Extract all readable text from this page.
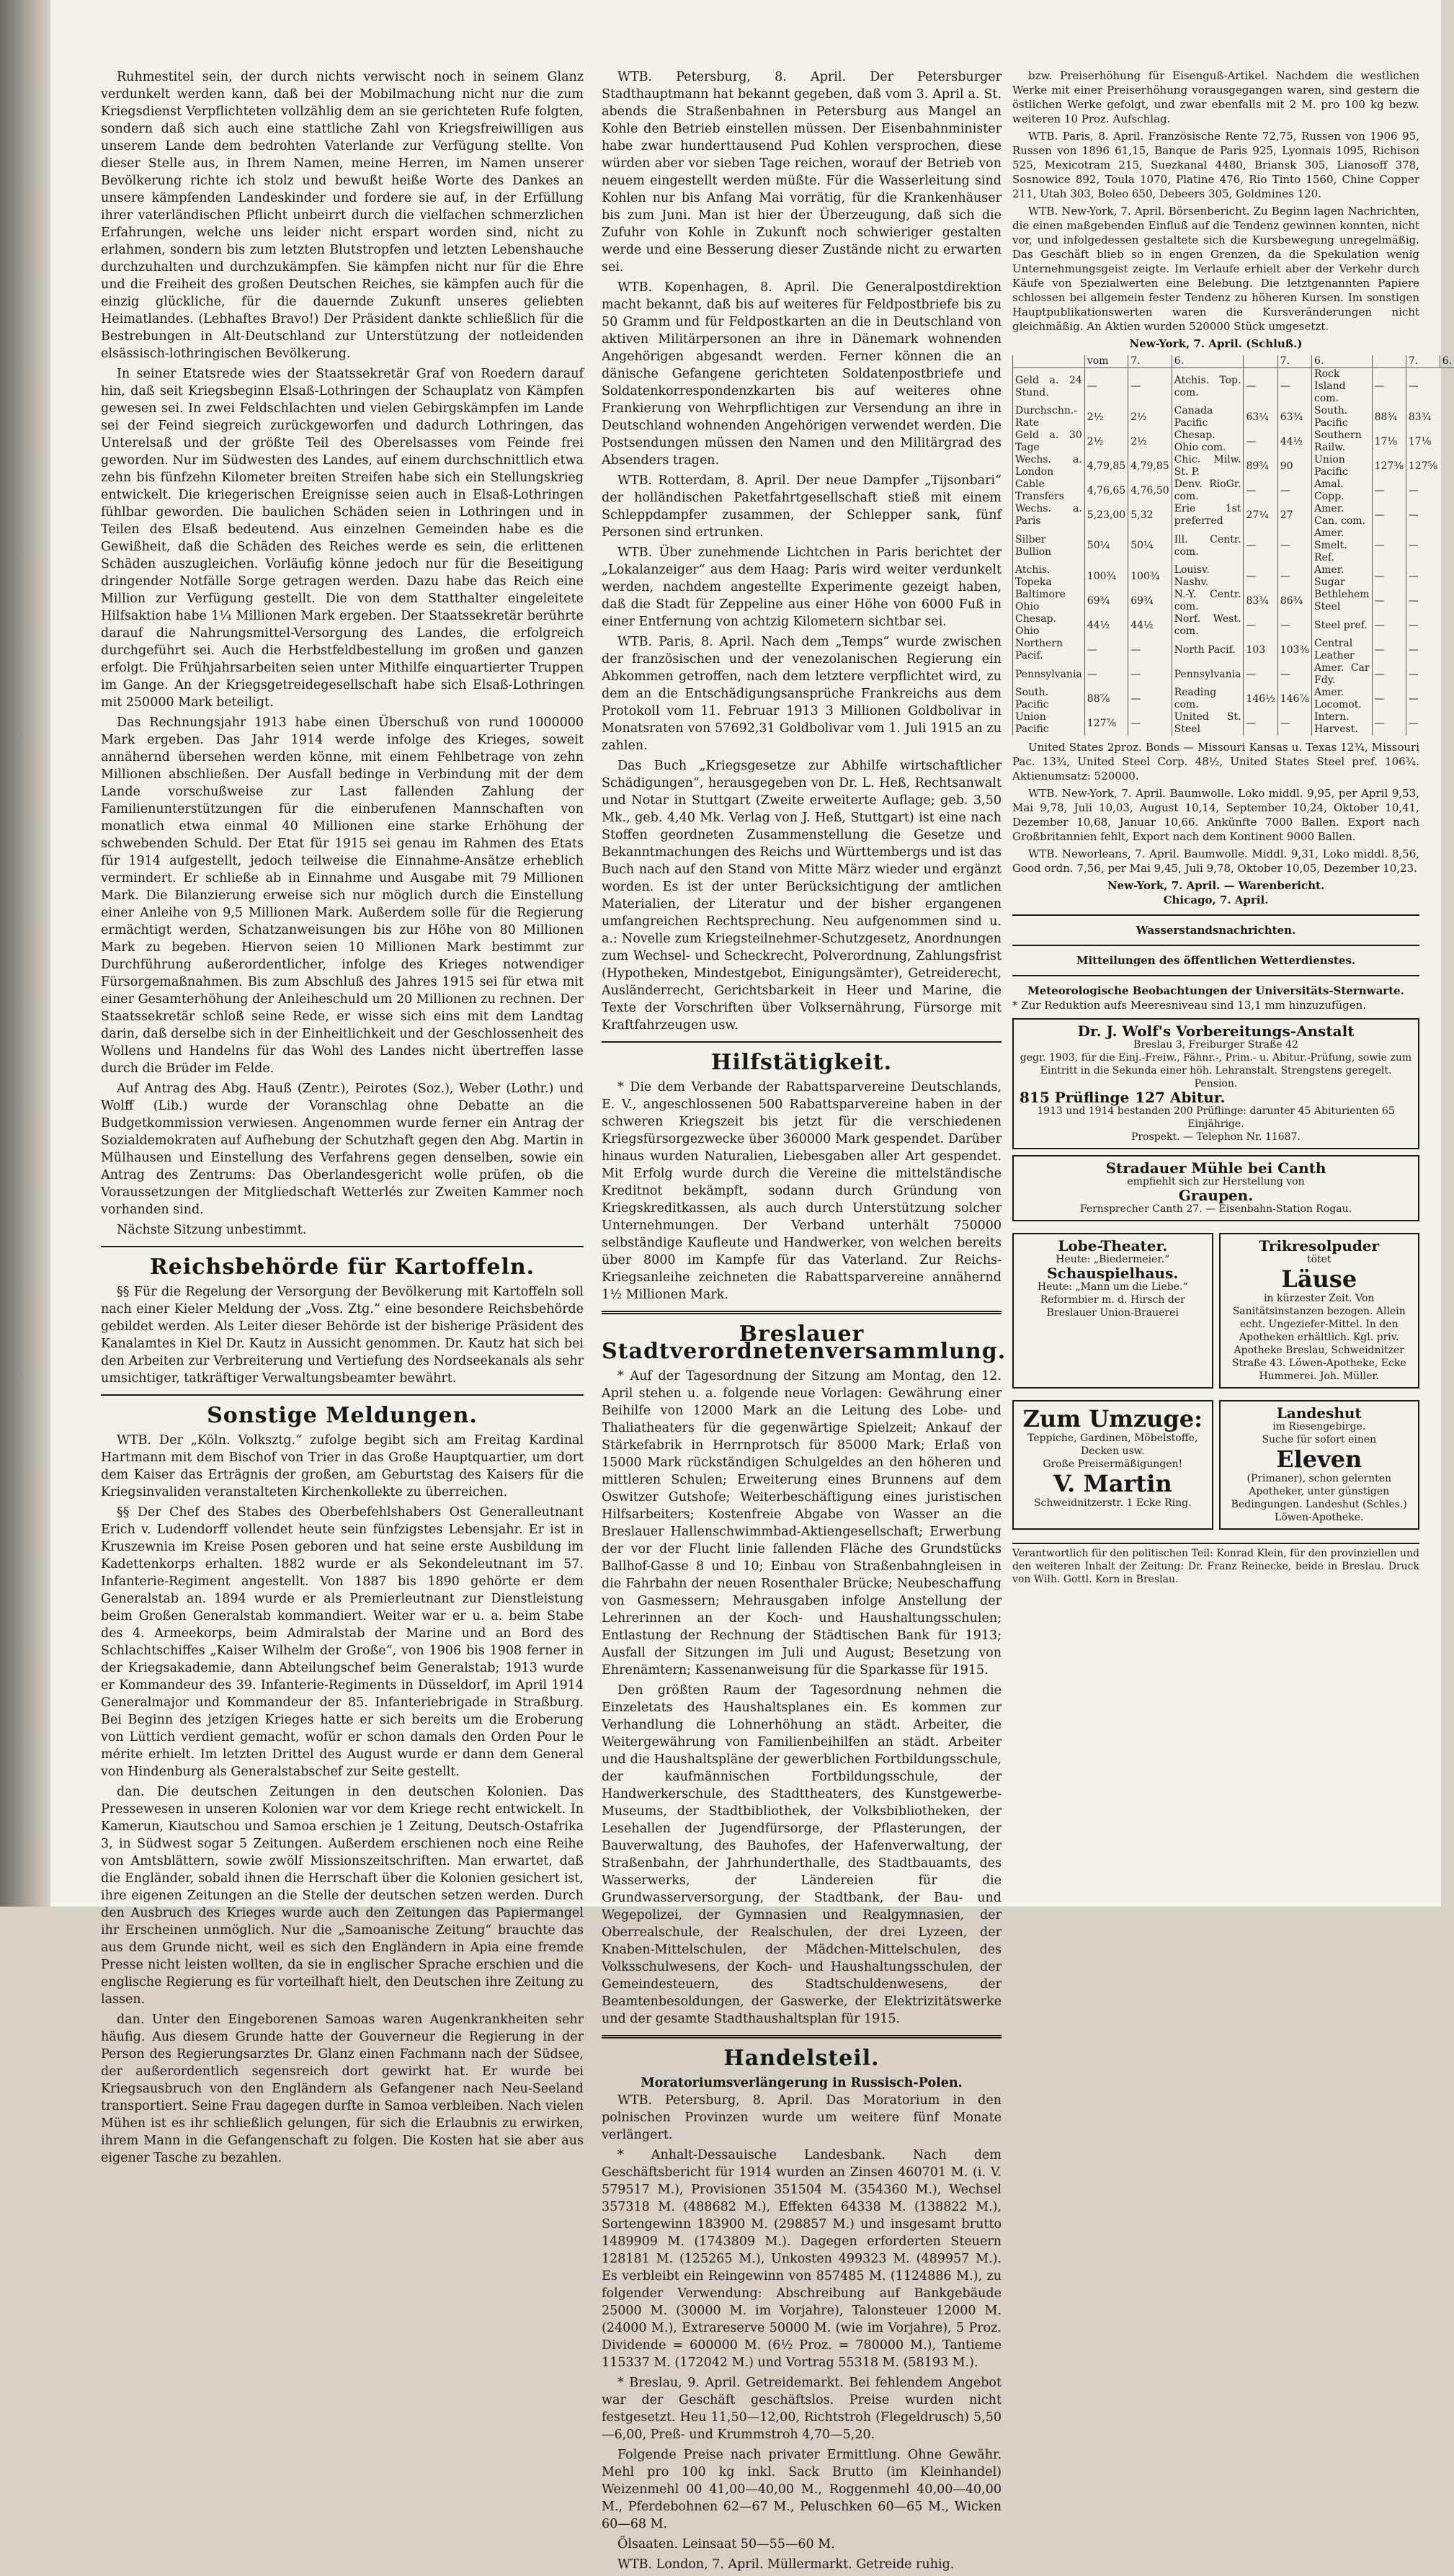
Ruhmestitel sein, der durch nichts verwischt noch in seinem Glanz verdunkelt werden kann, daß bei der Mobilmachung nicht nur die zum Kriegsdienst Verpflichteten vollzählig dem an sie gerichteten Rufe folgten, sondern daß sich auch eine stattliche Zahl von Kriegsfreiwilligen aus unserem Lande dem bedrohten Vaterlande zur Verfügung stellte. Von dieser Stelle aus, in Ihrem Namen, meine Herren, im Namen unserer Bevölkerung richte ich stolz und bewußt heiße Worte des Dankes an unsere kämpfenden Landeskinder und fordere sie auf, in der Erfüllung ihrer vaterländischen Pflicht unbeirrt durch die vielfachen schmerzlichen Erfahrungen, welche uns leider nicht erspart worden sind, nicht zu erlahmen, sondern bis zum letzten Blutstropfen und letzten Lebenshauche durchzuhalten und durchzukämpfen. Sie kämpfen nicht nur für die Ehre und die Freiheit des großen Deutschen Reiches, sie kämpfen auch für die einzig glückliche, für die dauernde Zukunft unseres geliebten Heimatlandes. (Lebhaftes Bravo!) Der Präsident dankte schließlich für die Bestrebungen in Alt-Deutschland zur Unterstützung der notleidenden elsässisch-lothringischen Bevölkerung.

In seiner Etatsrede wies der Staatssekretär Graf von Roedern darauf hin, daß seit Kriegsbeginn Elsaß-Lothringen der Schauplatz von Kämpfen gewesen sei. In zwei Feldschlachten und vielen Gebirgskämpfen im Lande sei der Feind siegreich zurückgeworfen und dadurch Lothringen, das Unterelsaß und der größte Teil des Oberelsasses vom Feinde frei geworden. Nur im Südwesten des Landes, auf einem durchschnittlich etwa zehn bis fünfzehn Kilometer breiten Streifen habe sich ein Stellungskrieg entwickelt. Die kriegerischen Ereignisse seien auch in Elsaß-Lothringen fühlbar geworden. Die baulichen Schäden seien in Lothringen und in Teilen des Elsaß bedeutend. Aus einzelnen Gemeinden habe es die Gewißheit, daß die Schäden des Reiches werde es sein, die erlittenen Schäden auszugleichen. Vorläufig könne jedoch nur für die Beseitigung dringender Notfälle Sorge getragen werden. Dazu habe das Reich eine Million zur Verfügung gestellt. Die von dem Statthalter eingeleitete Hilfsaktion habe 1¼ Millionen Mark ergeben. Der Staatssekretär berührte darauf die Nahrungsmittel-Versorgung des Landes, die erfolgreich durchgeführt sei. Auch die Herbstfeldbestellung im großen und ganzen erfolgt. Die Frühjahrsarbeiten seien unter Mithilfe einquartierter Truppen im Gange. An der Kriegsgetreidegesellschaft habe sich Elsaß-Lothringen mit 250000 Mark beteiligt.

Das Rechnungsjahr 1913 habe einen Überschuß von rund 1000000 Mark ergeben. Das Jahr 1914 werde infolge des Krieges, soweit annähernd übersehen werden könne, mit einem Fehlbetrage von zehn Millionen abschließen. Der Ausfall bedinge in Verbindung mit der dem Lande vorschußweise zur Last fallenden Zahlung der Familienunterstützungen für die einberufenen Mannschaften von monatlich etwa einmal 40 Millionen eine starke Erhöhung der schwebenden Schuld. Der Etat für 1915 sei genau im Rahmen des Etats für 1914 aufgestellt, jedoch teilweise die Einnahme-Ansätze erheblich vermindert. Er schließe ab in Einnahme und Ausgabe mit 79 Millionen Mark. Die Bilanzierung erweise sich nur möglich durch die Einstellung einer Anleihe von 9,5 Millionen Mark. Außerdem solle für die Regierung ermächtigt werden, Schatzanweisungen bis zur Höhe von 80 Millionen Mark zu begeben. Hiervon seien 10 Millionen Mark bestimmt zur Durchführung außerordentlicher, infolge des Krieges notwendiger Fürsorgemaßnahmen. Bis zum Abschluß des Jahres 1915 sei für etwa mit einer Gesamterhöhung der Anleiheschuld um 20 Millionen zu rechnen. Der Staatssekretär schloß seine Rede, er wisse sich eins mit dem Landtag darin, daß derselbe sich in der Einheitlichkeit und der Geschlossenheit des Wollens und Handelns für das Wohl des Landes nicht übertreffen lasse durch die Brüder im Felde.

Auf Antrag des Abg. Hauß (Zentr.), Peirotes (Soz.), Weber (Lothr.) und Wolff (Lib.) wurde der Voranschlag ohne Debatte an die Budgetkommission verwiesen. Angenommen wurde ferner ein Antrag der Sozialdemokraten auf Aufhebung der Schutzhaft gegen den Abg. Martin in Mülhausen und Einstellung des Verfahrens gegen denselben, sowie ein Antrag des Zentrums: Das Oberlandesgericht wolle prüfen, ob die Voraussetzungen der Mitgliedschaft Wetterlés zur Zweiten Kammer noch vorhanden sind.

Nächste Sitzung unbestimmt.

Reichsbehörde für Kartoffeln.

§§ Für die Regelung der Versorgung der Bevölkerung mit Kartoffeln soll nach einer Kieler Meldung der „Voss. Ztg.“ eine besondere Reichsbehörde gebildet werden. Als Leiter dieser Behörde ist der bisherige Präsident des Kanalamtes in Kiel Dr. Kautz in Aussicht genommen. Dr. Kautz hat sich bei den Arbeiten zur Verbreiterung und Vertiefung des Nordseekanals als sehr umsichtiger, tatkräftiger Verwaltungsbeamter bewährt.

Sonstige Meldungen.

WTB. Der „Köln. Volksztg.“ zufolge begibt sich am Freitag Kardinal Hartmann mit dem Bischof von Trier in das Große Hauptquartier, um dort dem Kaiser das Erträgnis der großen, am Geburtstag des Kaisers für die Kriegsinvaliden veranstalteten Kirchenkollekte zu überreichen.

§§ Der Chef des Stabes des Oberbefehlshabers Ost Generalleutnant Erich v. Ludendorff vollendet heute sein fünfzigstes Lebensjahr. Er ist in Kruszewnia im Kreise Posen geboren und hat seine erste Ausbildung im Kadettenkorps erhalten. 1882 wurde er als Sekondeleutnant im 57. Infanterie-Regiment angestellt. Von 1887 bis 1890 gehörte er dem Generalstab an. 1894 wurde er als Premierleutnant zur Dienstleistung beim Großen Generalstab kommandiert. Weiter war er u. a. beim Stabe des 4. Armeekorps, beim Admiralstab der Marine und an Bord des Schlachtschiffes „Kaiser Wilhelm der Große“, von 1906 bis 1908 ferner in der Kriegsakademie, dann Abteilungschef beim Generalstab; 1913 wurde er Kommandeur des 39. Infanterie-Regiments in Düsseldorf, im April 1914 Generalmajor und Kommandeur der 85. Infanteriebrigade in Straßburg. Bei Beginn des jetzigen Krieges hatte er sich bereits um die Eroberung von Lüttich verdient gemacht, wofür er schon damals den Orden Pour le mérite erhielt. Im letzten Drittel des August wurde er dann dem General von Hindenburg als Generalstabschef zur Seite gestellt.

dan. Die deutschen Zeitungen in den deutschen Kolonien. Das Pressewesen in unseren Kolonien war vor dem Kriege recht entwickelt. In Kamerun, Kiautschou und Samoa erschien je 1 Zeitung, Deutsch-Ostafrika 3, in Südwest sogar 5 Zeitungen. Außerdem erschienen noch eine Reihe von Amtsblättern, sowie zwölf Missionszeitschriften. Man erwartet, daß die Engländer, sobald ihnen die Herrschaft über die Kolonien gesichert ist, ihre eigenen Zeitungen an die Stelle der deutschen setzen werden. Durch den Ausbruch des Krieges wurde auch den Zeitungen das Papiermangel ihr Erscheinen unmöglich. Nur die „Samoanische Zeitung“ brauchte das aus dem Grunde nicht, weil es sich den Engländern in Apia eine fremde Presse nicht leisten wollten, da sie in englischer Sprache erschien und die englische Regierung es für vorteilhaft hielt, den Deutschen ihre Zeitung zu lassen.

dan. Unter den Eingeborenen Samoas waren Augenkrankheiten sehr häufig. Aus diesem Grunde hatte der Gouverneur die Regierung in der Person des Regierungsarztes Dr. Glanz einen Fachmann nach der Südsee, der außerordentlich segensreich dort gewirkt hat. Er wurde bei Kriegsausbruch von den Engländern als Gefangener nach Neu-Seeland transportiert. Seine Frau dagegen durfte in Samoa verbleiben. Nach vielen Mühen ist es ihr schließlich gelungen, für sich die Erlaubnis zu erwirken, ihrem Mann in die Gefangenschaft zu folgen. Die Kosten hat sie aber aus eigener Tasche zu bezahlen.

WTB. Petersburg, 8. April. Der Petersburger Stadthauptmann hat bekannt gegeben, daß vom 3. April a. St. abends die Straßenbahnen in Petersburg aus Mangel an Kohle den Betrieb einstellen müssen. Der Eisenbahnminister habe zwar hunderttausend Pud Kohlen versprochen, diese würden aber vor sieben Tage reichen, worauf der Betrieb von neuem eingestellt werden müßte. Für die Wasserleitung sind Kohlen nur bis Anfang Mai vorrätig, für die Krankenhäuser bis zum Juni. Man ist hier der Überzeugung, daß sich die Zufuhr von Kohle in Zukunft noch schwieriger gestalten werde und eine Besserung dieser Zustände nicht zu erwarten sei.

WTB. Kopenhagen, 8. April. Die Generalpostdirektion macht bekannt, daß bis auf weiteres für Feldpostbriefe bis zu 50 Gramm und für Feldpostkarten an die in Deutschland von aktiven Militärpersonen an ihre in Dänemark wohnenden Angehörigen abgesandt werden. Ferner können die an dänische Gefangene gerichteten Soldatenpostbriefe und Soldatenkorrespondenzkarten bis auf weiteres ohne Frankierung von Wehrpflichtigen zur Versendung an ihre in Deutschland wohnenden Angehörigen verwendet werden. Die Postsendungen müssen den Namen und den Militärgrad des Absenders tragen.

WTB. Rotterdam, 8. April. Der neue Dampfer „Tijsonbari“ der holländischen Paketfahrtgesellschaft stieß mit einem Schleppdampfer zusammen, der Schlepper sank, fünf Personen sind ertrunken.

WTB. Über zunehmende Lichtchen in Paris berichtet der „Lokalanzeiger“ aus dem Haag: Paris wird weiter verdunkelt werden, nachdem angestellte Experimente gezeigt haben, daß die Stadt für Zeppeline aus einer Höhe von 6000 Fuß in einer Entfernung von achtzig Kilometern sichtbar sei.

WTB. Paris, 8. April. Nach dem „Temps“ wurde zwischen der französischen und der venezolanischen Regierung ein Abkommen getroffen, nach dem letztere verpflichtet wird, zu dem an die Entschädigungsansprüche Frankreichs aus dem Protokoll vom 11. Februar 1913 3 Millionen Goldbolivar in Monatsraten von 57692,31 Goldbolivar vom 1. Juli 1915 an zu zahlen.

Das Buch „Kriegsgesetze zur Abhilfe wirtschaftlicher Schädigungen“, herausgegeben von Dr. L. Heß, Rechtsanwalt und Notar in Stuttgart (Zweite erweiterte Auflage; geb. 3,50 Mk., geb. 4,40 Mk. Verlag von J. Heß, Stuttgart) ist eine nach Stoffen geordneten Zusammenstellung die Gesetze und Bekanntmachungen des Reichs und Württembergs und ist das Buch nach auf den Stand von Mitte März wieder und ergänzt worden. Es ist der unter Berücksichtigung der amtlichen Materialien, der Literatur und der bisher ergangenen umfangreichen Rechtsprechung. Neu aufgenommen sind u. a.: Novelle zum Kriegsteilnehmer-Schutzgesetz, Anordnungen zum Wechsel- und Scheckrecht, Polverordnung, Zahlungsfrist (Hypotheken, Mindestgebot, Einigungsämter), Getreiderecht, Ausländerrecht, Gerichtsbarkeit in Heer und Marine, die Texte der Vorschriften über Volksernährung, Fürsorge mit Kraftfahrzeugen usw.

Hilfstätigkeit.

* Die dem Verbande der Rabattsparvereine Deutschlands, E. V., angeschlossenen 500 Rabattsparvereine haben in der schweren Kriegszeit bis jetzt für die verschiedenen Kriegsfürsorgezwecke über 360000 Mark gespendet. Darüber hinaus wurden Naturalien, Liebesgaben aller Art gespendet. Mit Erfolg wurde durch die Vereine die mittelständische Kreditnot bekämpft, sodann durch Gründung von Kriegskreditkassen, als auch durch Unterstützung solcher Unternehmungen. Der Verband unterhält 750000 selbständige Kaufleute und Handwerker, von welchen bereits über 8000 im Kampfe für das Vaterland. Zur Reichs-Kriegsanleihe zeichneten die Rabattsparvereine annähernd 1½ Millionen Mark.

Breslauer Stadtverordnetenversammlung.

* Auf der Tagesordnung der Sitzung am Montag, den 12. April stehen u. a. folgende neue Vorlagen: Gewährung einer Beihilfe von 12000 Mark an die Leitung des Lobe- und Thaliatheaters für die gegenwärtige Spielzeit; Ankauf der Stärkefabrik in Herrnprotsch für 85000 Mark; Erlaß von 15000 Mark rückständigen Schulgeldes an den höheren und mittleren Schulen; Erweiterung eines Brunnens auf dem Oswitzer Gutshofe; Weiterbeschäftigung eines juristischen Hilfsarbeiters; Kostenfreie Abgabe von Wasser an die Breslauer Hallenschwimmbad-Aktiengesellschaft; Erwerbung der vor der Flucht linie fallenden Fläche des Grundstücks Ballhof-Gasse 8 und 10; Einbau von Straßenbahngleisen in die Fahrbahn der neuen Rosenthaler Brücke; Neubeschaffung von Gasmessern; Mehrausgaben infolge Anstellung der Lehrerinnen an der Koch- und Haushaltungsschulen; Entlastung der Rechnung der Städtischen Bank für 1913; Ausfall der Sitzungen im Juli und August; Besetzung von Ehrenämtern; Kassenanweisung für die Sparkasse für 1915.

Den größten Raum der Tagesordnung nehmen die Einzeletats des Haushaltsplanes ein. Es kommen zur Verhandlung die Lohnerhöhung an städt. Arbeiter, die Weitergewährung von Familienbeihilfen an städt. Arbeiter und die Haushaltspläne der gewerblichen Fortbildungsschule, der kaufmännischen Fortbildungsschule, der Handwerkerschule, des Stadttheaters, des Kunstgewerbe-Museums, der Stadtbibliothek, der Volksbibliotheken, der Lesehallen der Jugendfürsorge, der Pflasterungen, der Bauverwaltung, des Bauhofes, der Hafenverwaltung, der Straßenbahn, der Jahrhunderthalle, des Stadtbauamts, des Wasserwerks, der Ländereien für die Grundwasserversorgung, der Stadtbank, der Bau- und Wegepolizei, der Gymnasien und Realgymnasien, der Oberrealschule, der Realschulen, der drei Lyzeen, der Knaben-Mittelschulen, der Mädchen-Mittelschulen, des Volksschulwesens, der Koch- und Haushaltungsschulen, der Gemeindesteuern, des Stadtschuldenwesens, der Beamtenbesoldungen, der Gaswerke, der Elektrizitätswerke und der gesamte Stadthaushaltsplan für 1915.

Handelsteil.
Moratoriumsverlängerung in Russisch-Polen.

WTB. Petersburg, 8. April. Das Moratorium in den polnischen Provinzen wurde um weitere fünf Monate verlängert.

* Anhalt-Dessauische Landesbank. Nach dem Geschäftsbericht für 1914 wurden an Zinsen 460701 M. (i. V. 579517 M.), Provisionen 351504 M. (354360 M.), Wechsel 357318 M. (488682 M.), Effekten 64338 M. (138822 M.), Sortengewinn 183900 M. (298857 M.) und insgesamt brutto 1489909 M. (1743809 M.). Dagegen erforderten Steuern 128181 M. (125265 M.), Unkosten 499323 M. (489957 M.). Es verbleibt ein Reingewinn von 857485 M. (1124886 M.), zu folgender Verwendung: Abschreibung auf Bankgebäude 25000 M. (30000 M. im Vorjahre), Talonsteuer 12000 M. (24000 M.), Extrareserve 50000 M. (wie im Vorjahre), 5 Proz. Dividende = 600000 M. (6½ Proz. = 780000 M.), Tantieme 115337 M. (172042 M.) und Vortrag 55318 M. (58193 M.).

* Breslau, 9. April. Getreidemarkt. Bei fehlendem Angebot war der Geschäft geschäftslos. Preise wurden nicht festgesetzt. Heu 11,50—12,00, Richtstroh (Flegeldrusch) 5,50—6,00, Preß- und Krummstroh 4,70—5,20.

Folgende Preise nach privater Ermittlung. Ohne Gewähr. Mehl pro 100 kg inkl. Sack Brutto (im Kleinhandel) Weizenmehl 00 41,00—40,00 M., Roggenmehl 40,00—40,00 M., Pferdebohnen 62—67 M., Peluschken 60—65 M., Wicken 60—68 M.

Ölsaaten. Leinsaat 50—55—60 M.

WTB. London, 7. April. Müllermarkt. Getreide ruhig.

bzw. Preiserhöhung für Eisenguß-Artikel. Nachdem die westlichen Werke mit einer Preiserhöhung vorausgegangen waren, sind gestern die östlichen Werke gefolgt, und zwar ebenfalls mit 2 M. pro 100 kg bezw. weiteren 10 Proz. Aufschlag.

WTB. Paris, 8. April. Französische Rente 72,75, Russen von 1906 95, Russen von 1896 61,15, Banque de Paris 925, Lyonnais 1095, Richison 525, Mexicotram 215, Suezkanal 4480, Briansk 305, Lianosoff 378, Sosnowice 892, Toula 1070, Platine 476, Rio Tinto 1560, Chine Copper 211, Utah 303, Boleo 650, Debeers 305, Goldmines 120.

WTB. New-York, 7. April. Börsenbericht. Zu Beginn lagen Nachrichten, die einen maßgebenden Einfluß auf die Tendenz gewinnen konnten, nicht vor, und infolgedessen gestaltete sich die Kursbewegung unregelmäßig. Das Geschäft blieb so in engen Grenzen, da die Spekulation wenig Unternehmungsgeist zeigte. Im Verlaufe erhielt aber der Verkehr durch Käufe von Spezialwerten eine Belebung. Die letztgenannten Papiere schlossen bei allgemein fester Tendenz zu höheren Kursen. Im sonstigen Hauptpublikationswerten waren die Kursveränderungen nicht gleichmäßig. An Aktien wurden 520000 Stück umgesetzt.

New-York, 7. April. (Schluß.)
	vom	7.	6.		7.	6.		7.	6.
Geld a. 24 Stund.	—	—	Atchis. Top. com.	—	—	Rock Island com.	—	—	
Durchschn.-Rate	2½	2½	Canada Pacific	63¼	63¾	South. Pacific	88¾	83¾	
Geld a. 30 Tage	2½	2½	Chesap. Ohio com.	—	44½	Southern Railw.	17⅛	17⅛	
Wechs. a. London	4,79,85	4,79,85	Chic. Milw. St. P.	89¾	90	Union Pacific	127⅜	127⅝	
Cable Transfers	4,76,65	4,76,50	Denv. RioGr. com.	—	—	Amal. Copp.	—	—	
Wechs. a. Paris	5,23,00	5,32	Erie 1st preferred	27¼	27	Amer. Can. com.	—	—	
Silber Bullion	50¼	50¼	Ill. Centr. com.	—	—	Amer. Smelt. Ref.	—	—	
Atchis. Topeka	100¾	100¾	Louisv. Nashv.	—	—	Amer. Sugar	—	—	
Baltimore Ohio	69¾	69¾	N.-Y. Centr. com.	83¾	86¾	Bethlehem Steel	—	—	
Chesap. Ohio	44½	44½	Norf. West. com.	—	—	Steel pref.	—	—	
Northern Pacif.	—	—	North Pacif.	103	103⅜	Central Leather	—	—	
Pennsylvania	—	—	Pennsylvania	—	—	Amer. Car Fdy.	—	—	
South. Pacific	88⅞	—	Reading com.	146½	146⅞	Amer. Locomot.	—	—	
Union Pacific	127⅞	—	United St. Steel	—	—	Intern. Harvest.	—	—	

United States 2proz. Bonds — Missouri Kansas u. Texas 12¾, Missouri Pac. 13¾, United Steel Corp. 48½, United States Steel pref. 106¾. Aktienumsatz: 520000.

WTB. New-York, 7. April. Baumwolle. Loko middl. 9,95, per April 9,53, Mai 9,78, Juli 10,03, August 10,14, September 10,24, Oktober 10,41, Dezember 10,68, Januar 10,66. Ankünfte 7000 Ballen. Export nach Großbritannien fehlt, Export nach dem Kontinent 9000 Ballen.

WTB. Neworleans, 7. April. Baumwolle. Middl. 9,31, Loko middl. 8,56, Good ordn. 7,56, per Mai 9,45, Juli 9,78, Oktober 10,05, Dezember 10,23.

New-York, 7. April. — Warenbericht.
Chicago, 7. April.
Wasserstandsnachrichten.
Mitteilungen des öffentlichen Wetterdienstes.
Meteorologische Beobachtungen der Universitäts-Sternwarte.
* Zur Reduktion aufs Meeresniveau sind 13,1 mm hinzuzufügen.
Dr. J. Wolf's Vorbereitungs-Anstalt
Breslau 3, Freiburger Straße 42
gegr. 1903, für die Einj.-Freiw., Fähnr.-, Prim.- u. Abitur.-Prüfung, sowie zum Eintritt in die Sekunda einer höh. Lehranstalt. Strengstens geregelt. Pension.
815 Prüflinge 127 Abitur.
1913 und 1914 bestanden 200 Prüflinge: darunter 45 Abiturienten 65 Einjährige.
Prospekt. — Telephon Nr. 11687.
Stradauer Mühle bei Canth
empfiehlt sich zur Herstellung von
Graupen.
Fernsprecher Canth 27. — Eisenbahn-Station Rogau.
Lobe-Theater.
Heute: „Biedermeier.“
Schauspielhaus.
Heute: „Mann um die Liebe.“
Reformbier m. d. Hirsch der Breslauer Union-Brauerei
Trikresolpuder
tötet
Läuse
in kürzester Zeit. Von Sanitätsinstanzen bezogen. Allein echt. Ungeziefer-Mittel. In den Apotheken erhältlich. Kgl. priv. Apotheke Breslau, Schweidnitzer Straße 43. Löwen-Apotheke, Ecke Hummerei. Joh. Müller.
Zum Umzuge:
Teppiche, Gardinen, Möbelstoffe, Decken usw.
Große Preisermäßigungen!
V. Martin
Schweidnitzerstr. 1 Ecke Ring.
Landeshut
im Riesengebirge.
Suche für sofort einen
Eleven
(Primaner), schon gelernten Apotheker, unter günstigen Bedingungen. Landeshut (Schles.) Löwen-Apotheke.
Verantwortlich für den politischen Teil: Konrad Klein, für den provinziellen und den weiteren Inhalt der Zeitung: Dr. Franz Reinecke, beide in Breslau. Druck von Wilh. Gottl. Korn in Breslau.
